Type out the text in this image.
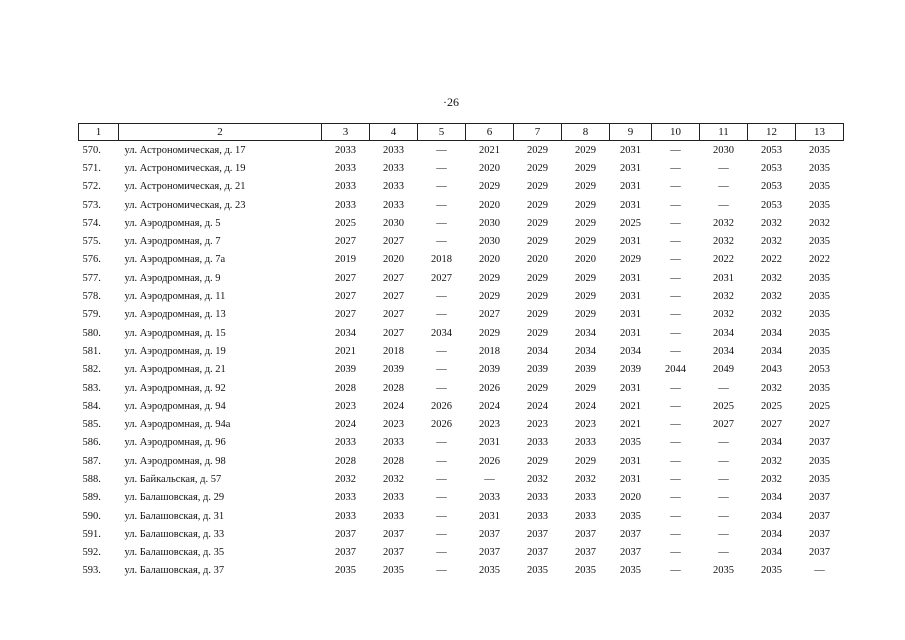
·26
1	2	3	4	5	6	7	8	9	10	11	12	13
570.	ул. Астрономическая, д. 17	2033	2033	—	2021	2029	2029	2031	—	2030	2053	2035
571.	ул. Астрономическая, д. 19	2033	2033	—	2020	2029	2029	2031	—	—	2053	2035
572.	ул. Астрономическая, д. 21	2033	2033	—	2029	2029	2029	2031	—	—	2053	2035
573.	ул. Астрономическая, д. 23	2033	2033	—	2020	2029	2029	2031	—	—	2053	2035
574.	ул. Аэродромная, д. 5	2025	2030	—	2030	2029	2029	2025	—	2032	2032	2032
575.	ул. Аэродромная, д. 7	2027	2027	—	2030	2029	2029	2031	—	2032	2032	2035
576.	ул. Аэродромная, д. 7а	2019	2020	2018	2020	2020	2020	2029	—	2022	2022	2022
577.	ул. Аэродромная, д. 9	2027	2027	2027	2029	2029	2029	2031	—	2031	2032	2035
578.	ул. Аэродромная, д. 11	2027	2027	—	2029	2029	2029	2031	—	2032	2032	2035
579.	ул. Аэродромная, д. 13	2027	2027	—	2027	2029	2029	2031	—	2032	2032	2035
580.	ул. Аэродромная, д. 15	2034	2027	2034	2029	2029	2034	2031	—	2034	2034	2035
581.	ул. Аэродромная, д. 19	2021	2018	—	2018	2034	2034	2034	—	2034	2034	2035
582.	ул. Аэродромная, д. 21	2039	2039	—	2039	2039	2039	2039	2044	2049	2043	2053
583.	ул. Аэродромная, д. 92	2028	2028	—	2026	2029	2029	2031	—	—	2032	2035
584.	ул. Аэродромная, д. 94	2023	2024	2026	2024	2024	2024	2021	—	2025	2025	2025
585.	ул. Аэродромная, д. 94а	2024	2023	2026	2023	2023	2023	2021	—	2027	2027	2027
586.	ул. Аэродромная, д. 96	2033	2033	—	2031	2033	2033	2035	—	—	2034	2037
587.	ул. Аэродромная, д. 98	2028	2028	—	2026	2029	2029	2031	—	—	2032	2035
588.	ул. Байкальская, д. 57	2032	2032	—	—	2032	2032	2031	—	—	2032	2035
589.	ул. Балашовская, д. 29	2033	2033	—	2033	2033	2033	2020	—	—	2034	2037
590.	ул. Балашовская, д. 31	2033	2033	—	2031	2033	2033	2035	—	—	2034	2037
591.	ул. Балашовская, д. 33	2037	2037	—	2037	2037	2037	2037	—	—	2034	2037
592.	ул. Балашовская, д. 35	2037	2037	—	2037	2037	2037	2037	—	—	2034	2037
593.	ул. Балашовская, д. 37	2035	2035	—	2035	2035	2035	2035	—	2035	2035	—
